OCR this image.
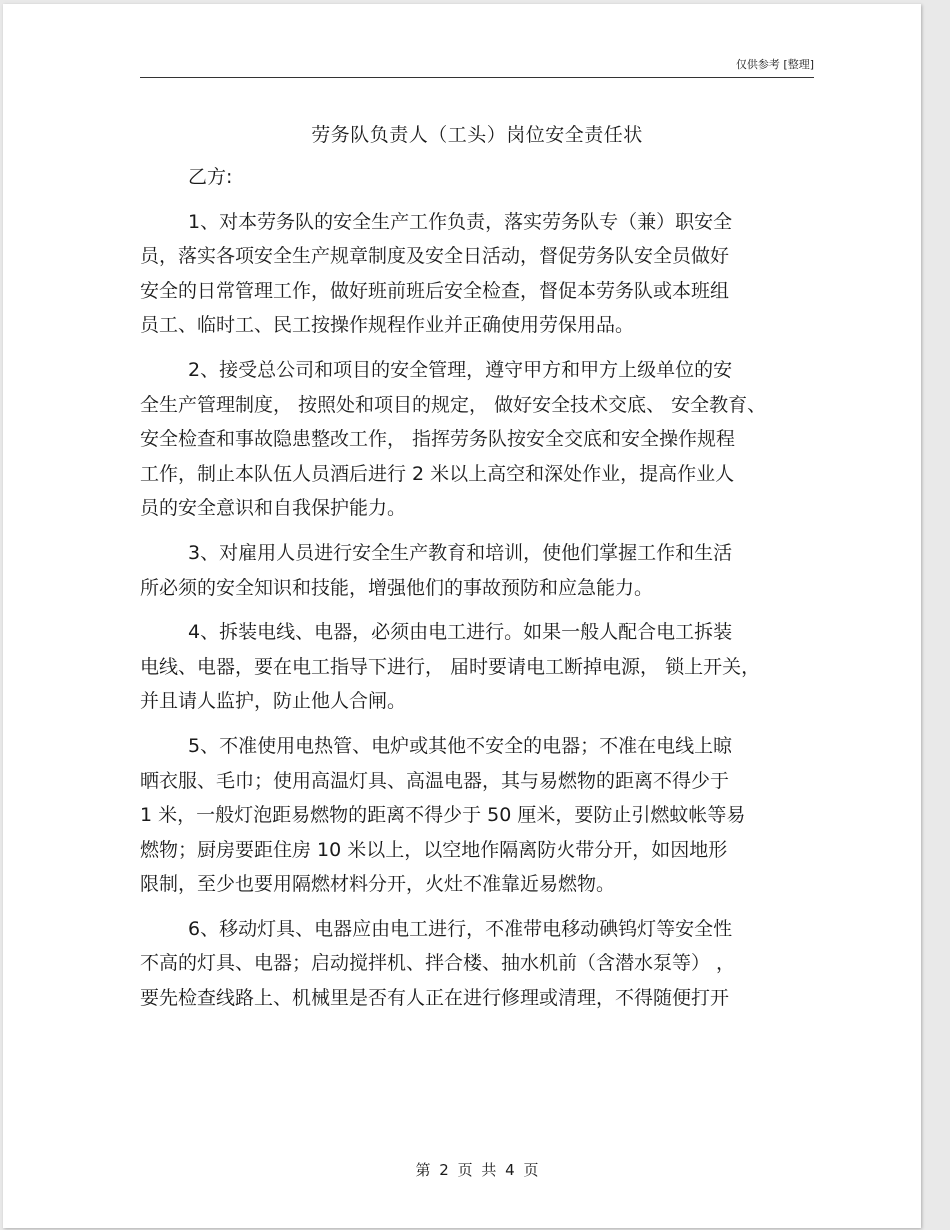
仅供参考 [整理]
劳务队负责人（工头）岗位安全责任状
乙方:
1、对本劳务队的安全生产工作负责，落实劳务队专（兼）职安全
员，落实各项安全生产规章制度及安全日活动，督促劳务队安全员做好
安全的日常管理工作，做好班前班后安全检查，督促本劳务队或本班组
员工、临时工、民工按操作规程作业并正确使用劳保用品。
2、接受总公司和项目的安全管理，遵守甲方和甲方上级单位的安
全生产管理制度， 按照处和项目的规定， 做好安全技术交底、 安全教育、
安全检查和事故隐患整改工作， 指挥劳务队按安全交底和安全操作规程
工作，制止本队伍人员酒后进行 2 米以上高空和深处作业，提高作业人
员的安全意识和自我保护能力。
3、对雇用人员进行安全生产教育和培训，使他们掌握工作和生活
所必须的安全知识和技能，增强他们的事故预防和应急能力。
4、拆装电线、电器，必须由电工进行。如果一般人配合电工拆装
电线、电器，要在电工指导下进行， 届时要请电工断掉电源， 锁上开关，
并且请人监护，防止他人合闸。
5、不准使用电热管、电炉或其他不安全的电器；不准在电线上晾
晒衣服、毛巾；使用高温灯具、高温电器，其与易燃物的距离不得少于
1 米，一般灯泡距易燃物的距离不得少于 50 厘米，要防止引燃蚊帐等易
燃物；厨房要距住房 10 米以上，以空地作隔离防火带分开，如因地形
限制，至少也要用隔燃材料分开，火灶不准靠近易燃物。
6、移动灯具、电器应由电工进行，不准带电移动碘钨灯等安全性
不高的灯具、电器；启动搅拌机、拌合楼、抽水机前（含潜水泵等） ，
要先检查线路上、机械里是否有人正在进行修理或清理，不得随便打开
第 2 页 共 4 页
